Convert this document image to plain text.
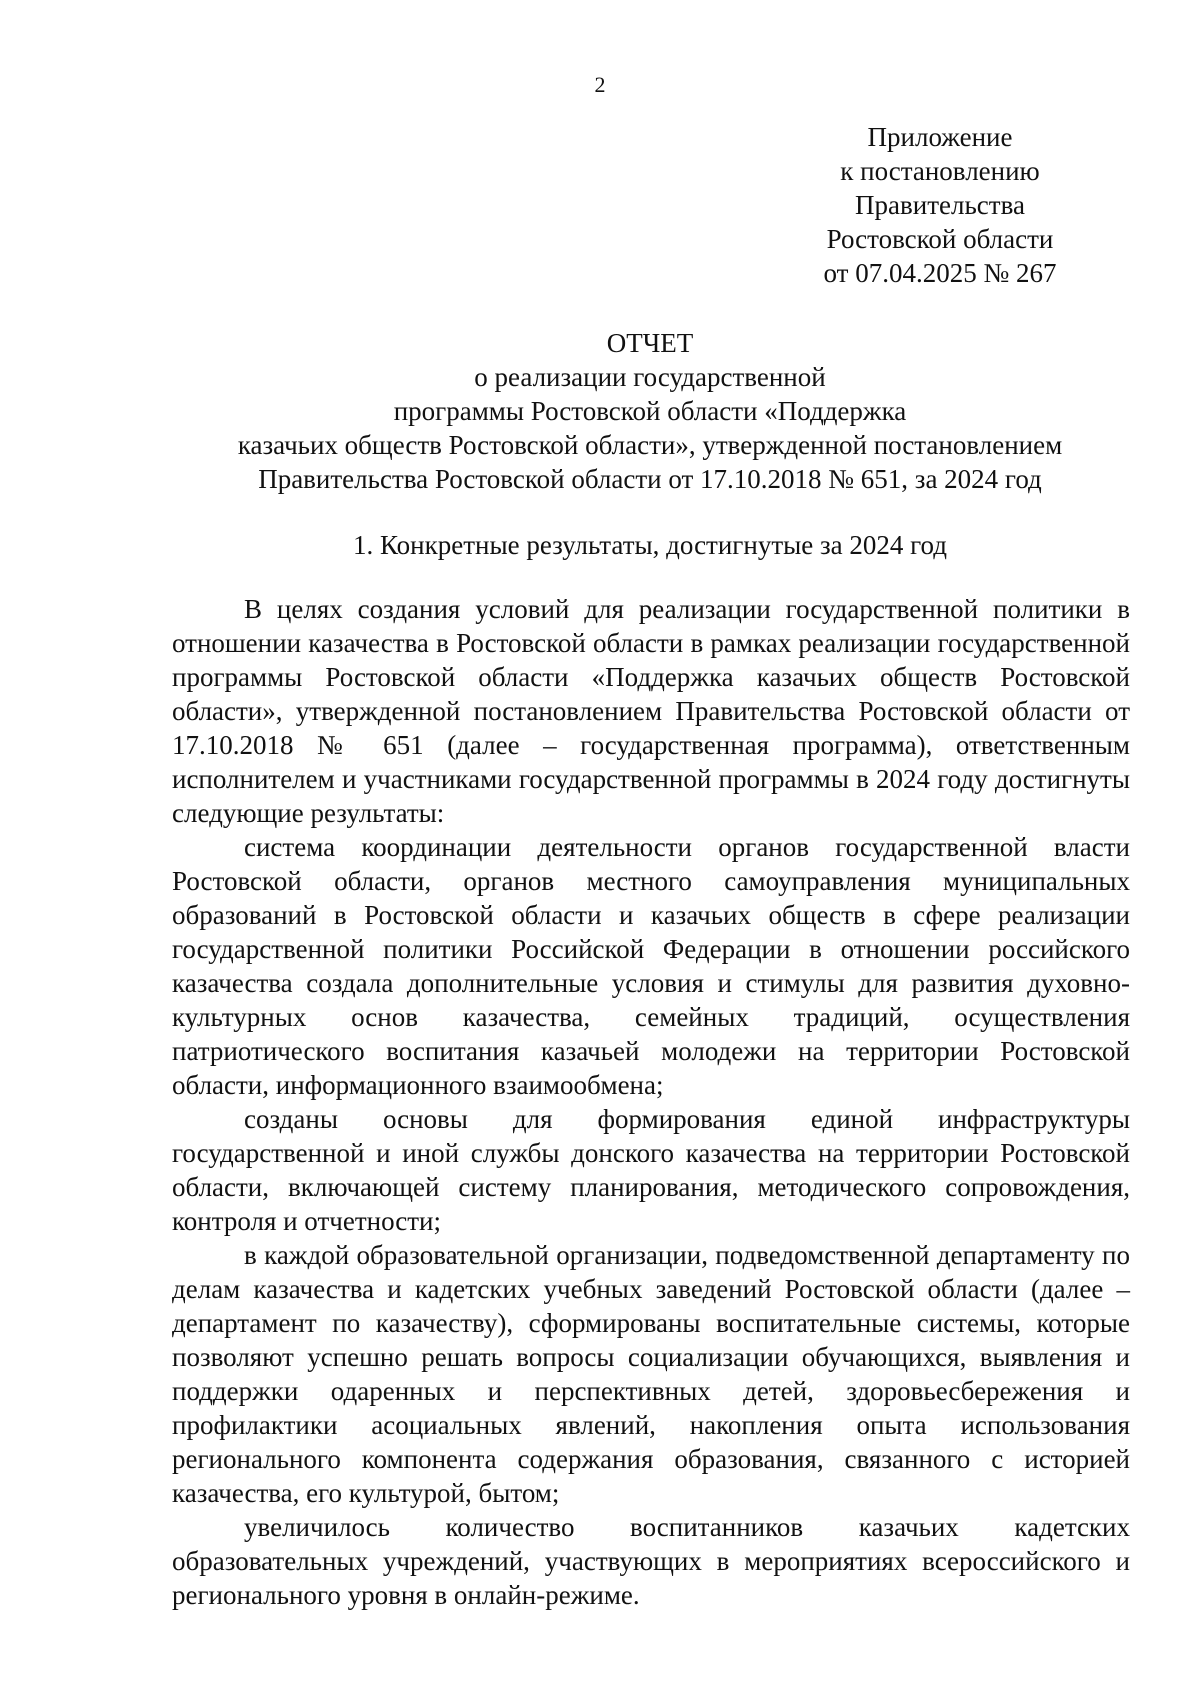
2
Приложение
к постановлению
Правительства
Ростовской области
от 07.04.2025 № 267
ОТЧЕТ
о реализации государственной
программы Ростовской области «Поддержка
казачьих обществ Ростовской области», утвержденной постановлением
Правительства Ростовской области от 17.10.2018 № 651, за 2024 год
1. Конкретные результаты, достигнутые за 2024 год

В целях создания условий для реализации государственной политики в отношении казачества в Ростовской области в рамках реализации государственной программы Ростовской области «Поддержка казачьих обществ Ростовской области», утвержденной постановлением Правительства Ростовской области от 17.10.2018 № 651 (далее – государственная программа), ответственным исполнителем и участниками государственной программы в 2024 году достигнуты следующие результаты:

система координации деятельности органов государственной власти Ростовской области, органов местного самоуправления муниципальных образований в Ростовской области и казачьих обществ в сфере реализации государственной политики Российской Федерации в отношении российского казачества создала дополнительные условия и стимулы для развития духовно-культурных основ казачества, семейных традиций, осуществления патриотического воспитания казачьей молодежи на территории Ростовской области, информационного взаимообмена;

созданы основы для формирования единой инфраструктуры государственной и иной службы донского казачества на территории Ростовской области, включающей систему планирования, методического сопровождения, контроля и отчетности;

в каждой образовательной организации, подведомственной департаменту по делам казачества и кадетских учебных заведений Ростовской области (далее – департамент по казачеству), сформированы воспитательные системы, которые позволяют успешно решать вопросы социализации обучающихся, выявления и поддержки одаренных и перспективных детей, здоровьесбережения и профилактики асоциальных явлений, накопления опыта использования регионального компонента содержания образования, связанного с историей казачества, его культурой, бытом;

увеличилось количество воспитанников казачьих кадетских образовательных учреждений, участвующих в мероприятиях всероссийского и регионального уровня в онлайн-режиме.
